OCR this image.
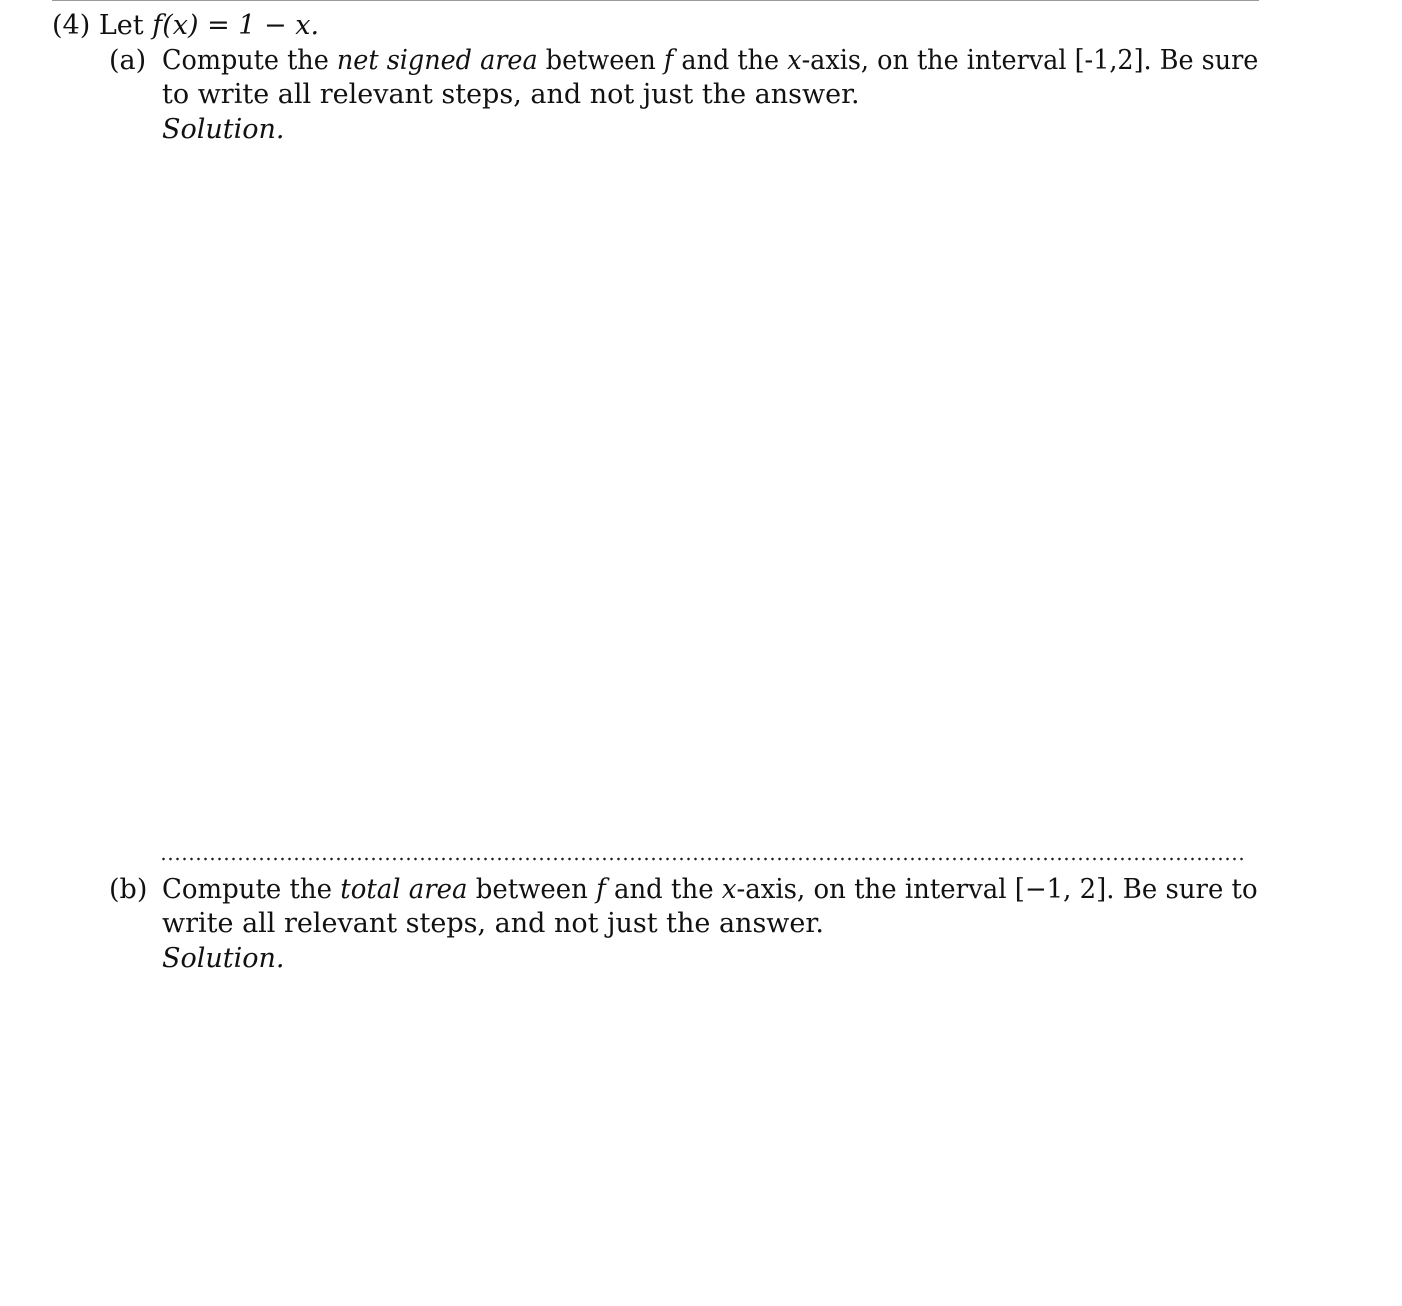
(4) Let f(x) = 1 − x.
(a) Compute the net signed area between f and the x-axis, on the interval [-1,2]. Be sure
to write all relevant steps, and not just the answer.
Solution.
(b) Compute the total area between f and the x-axis, on the interval [−1, 2]. Be sure to
write all relevant steps, and not just the answer.
Solution.
